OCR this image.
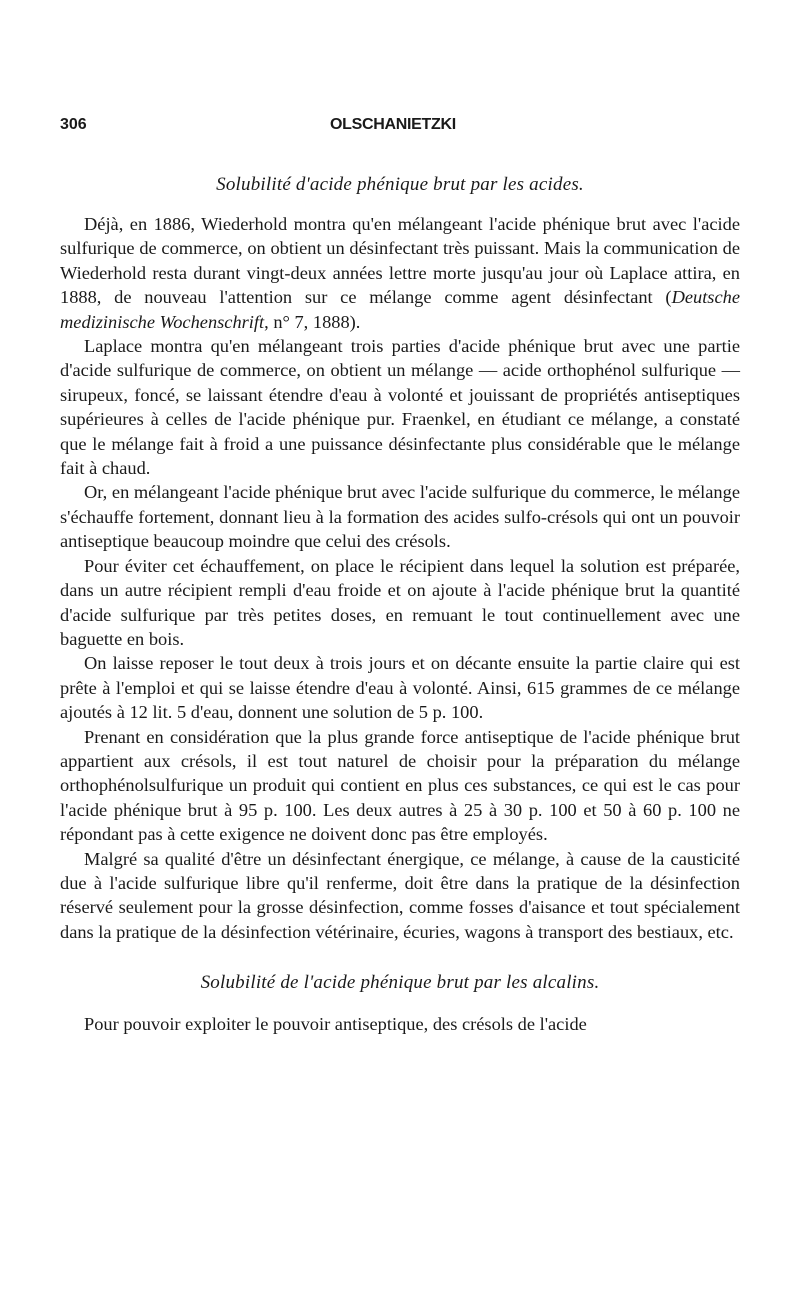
306	OLSCHANIETZKI
Solubilité d'acide phénique brut par les acides.

Déjà, en 1886, Wiederhold montra qu'en mélangeant l'acide phénique brut avec l'acide sulfurique de commerce, on obtient un désinfectant très puissant. Mais la communication de Wiederhold resta durant vingt-deux années lettre morte jusqu'au jour où Laplace attira, en 1888, de nouveau l'attention sur ce mélange comme agent désinfectant (Deutsche medizinische Wochenschrift, n° 7, 1888).

Laplace montra qu'en mélangeant trois parties d'acide phénique brut avec une partie d'acide sulfurique de commerce, on obtient un mélange — acide orthophénol sulfurique — sirupeux, foncé, se laissant étendre d'eau à volonté et jouissant de propriétés antiseptiques supérieures à celles de l'acide phénique pur. Fraenkel, en étudiant ce mélange, a constaté que le mélange fait à froid a une puissance désinfectante plus considérable que le mélange fait à chaud.

Or, en mélangeant l'acide phénique brut avec l'acide sulfurique du commerce, le mélange s'échauffe fortement, donnant lieu à la formation des acides sulfo-crésols qui ont un pouvoir antiseptique beaucoup moindre que celui des crésols.

Pour éviter cet échauffement, on place le récipient dans lequel la solution est préparée, dans un autre récipient rempli d'eau froide et on ajoute à l'acide phénique brut la quantité d'acide sulfurique par très petites doses, en remuant le tout continuellement avec une baguette en bois.

On laisse reposer le tout deux à trois jours et on décante ensuite la partie claire qui est prête à l'emploi et qui se laisse étendre d'eau à volonté. Ainsi, 615 grammes de ce mélange ajoutés à 12 lit. 5 d'eau, donnent une solution de 5 p. 100.

Prenant en considération que la plus grande force antiseptique de l'acide phénique brut appartient aux crésols, il est tout naturel de choisir pour la préparation du mélange orthophénolsulfurique un produit qui contient en plus ces substances, ce qui est le cas pour l'acide phénique brut à 95 p. 100. Les deux autres à 25 à 30 p. 100 et 50 à 60 p. 100 ne répondant pas à cette exigence ne doivent donc pas être employés.

Malgré sa qualité d'être un désinfectant énergique, ce mélange, à cause de la causticité due à l'acide sulfurique libre qu'il renferme, doit être dans la pratique de la désinfection réservé seulement pour la grosse désinfection, comme fosses d'aisance et tout spécialement dans la pratique de la désinfection vétérinaire, écuries, wagons à transport des bestiaux, etc.

Solubilité de l'acide phénique brut par les alcalins.

Pour pouvoir exploiter le pouvoir antiseptique, des crésols de l'acide
